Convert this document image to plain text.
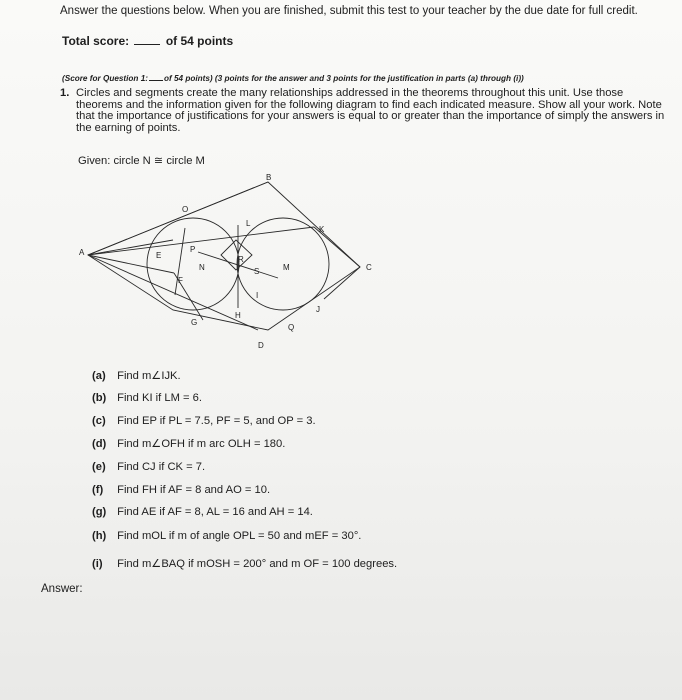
Answer the questions below. When you are finished, submit this test to your teacher by the due date for full credit.
Total score:	of 54 points
(Score for Question 1: of 54 points) (3 points for the answer and 3 points for the justification in parts (a) through (i))
1. Circles and segments create the many relationships addressed in the theorems throughout this unit. Use those theorems and the information given for the following diagram to find each indicated measure. Show all your work. Note that the importance of justifications for your answers is equal to or greater than the importance of simply the answers in the earning of points.
Given: circle N ≅ circle M
B
A
C
D
E
F
G
H
I
J
K
L
M
N
O
P
Q
R
S
(a) Find m∠IJK.
(b) Find KI if LM = 6.
(c) Find EP if PL = 7.5, PF = 5, and OP = 3.
(d) Find m∠OFH if m arc OLH = 180.
(e) Find CJ if CK = 7.
(f) Find FH if AF = 8 and AO = 10.
(g) Find AE if AF = 8, AL = 16 and AH = 14.
(h) Find mOL if m of angle OPL = 50 and mEF = 30°.
(i) Find m∠BAQ if mOSH = 200° and m OF = 100 degrees.
Answer:
